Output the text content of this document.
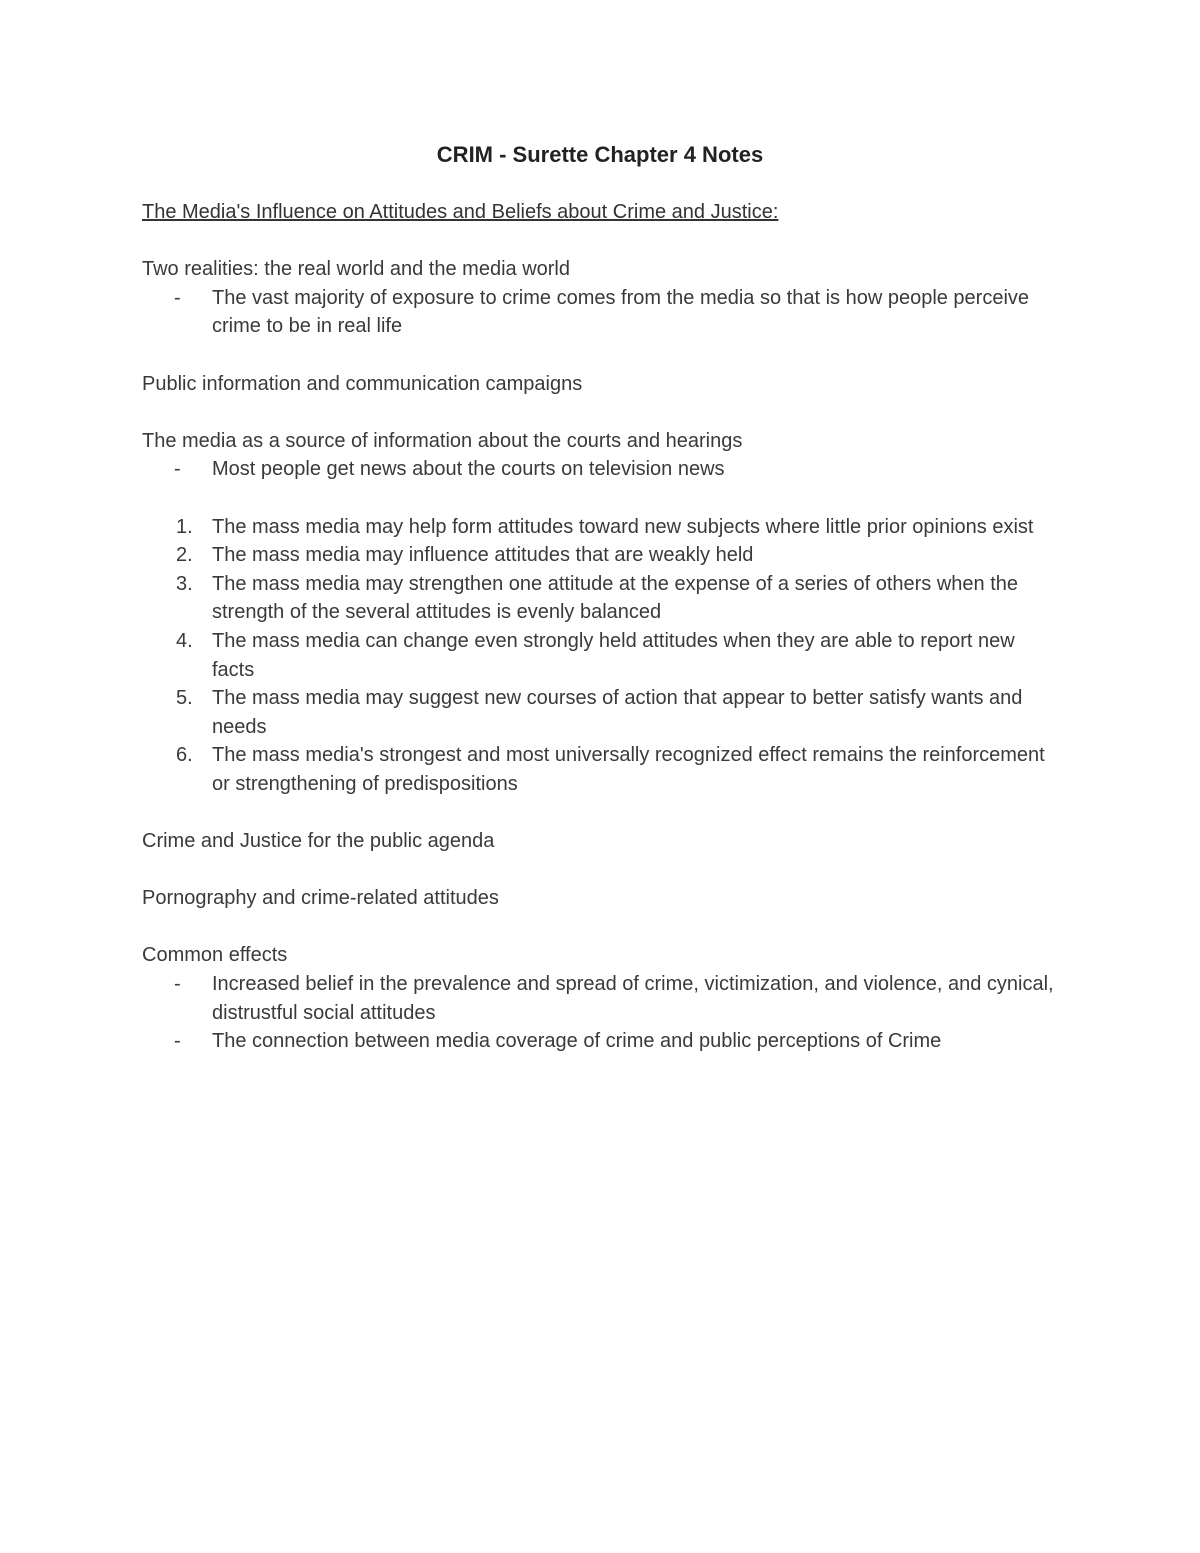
CRIM - Surette Chapter 4 Notes
The Media's Influence on Attitudes and Beliefs about Crime and Justice:

Two realities: the real world and the media world

- The vast majority of exposure to crime comes from the media so that is how people perceive crime to be in real life

Public information and communication campaigns

The media as a source of information about the courts and hearings

- Most people get news about the courts on television news
1. The mass media may help form attitudes toward new subjects where little prior opinions exist
2. The mass media may influence attitudes that are weakly held
3. The mass media may strengthen one attitude at the expense of a series of others when the strength of the several attitudes is evenly balanced
4. The mass media can change even strongly held attitudes when they are able to report new facts
5. The mass media may suggest new courses of action that appear to better satisfy wants and needs
6. The mass media's strongest and most universally recognized effect remains the reinforcement or strengthening of predispositions

Crime and Justice for the public agenda

Pornography and crime-related attitudes

Common effects

- Increased belief in the prevalence and spread of crime, victimization, and violence, and cynical, distrustful social attitudes
- The connection between media coverage of crime and public perceptions of Crime
